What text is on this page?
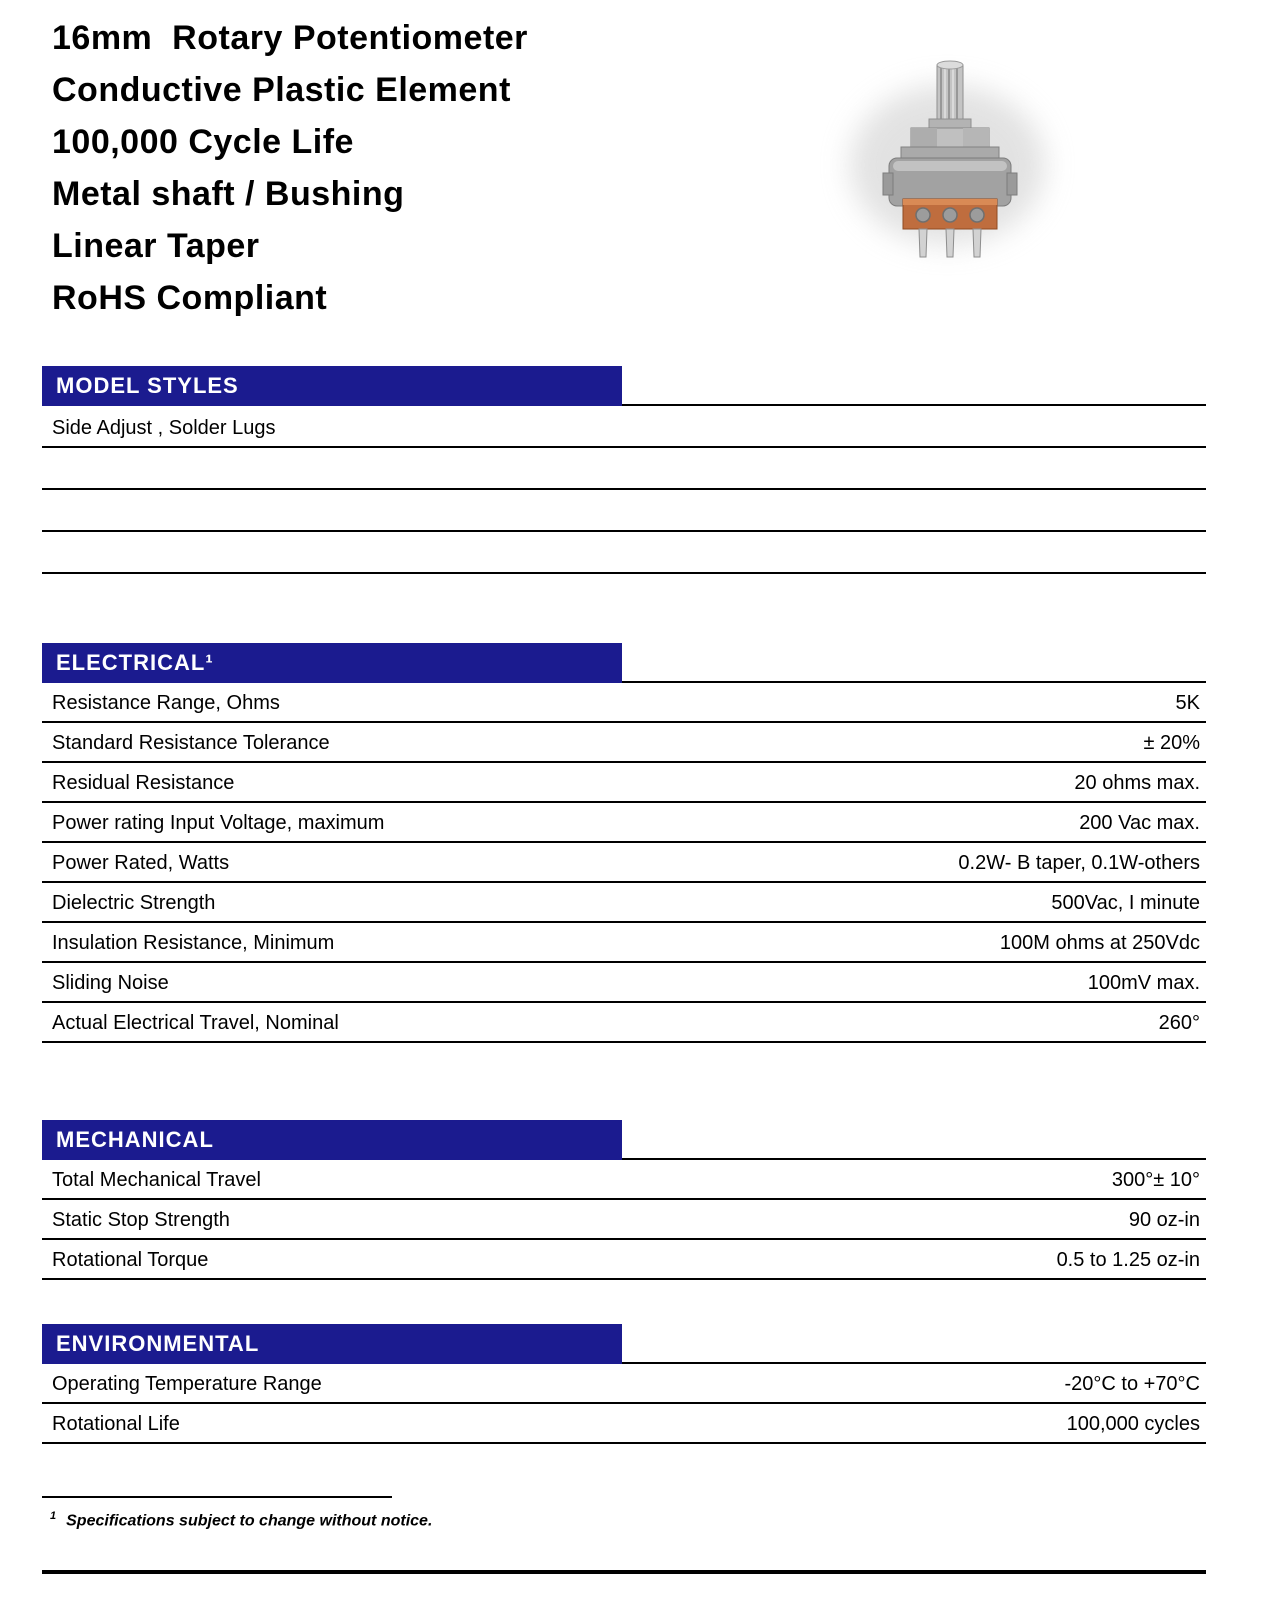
16mm  Rotary Potentiometer
Conductive Plastic Element
100,000 Cycle Life
Metal shaft / Bushing
Linear Taper
RoHS Compliant
MODEL STYLES
Side Adjust , Solder Lugs
ELECTRICAL¹
Resistance Range, Ohms	5K
Standard Resistance Tolerance	± 20%
Residual Resistance	20 ohms max.
Power rating Input Voltage, maximum	200 Vac max.
Power Rated, Watts	0.2W- B taper, 0.1W-others
Dielectric Strength	500Vac, I minute
Insulation Resistance, Minimum	100M ohms at 250Vdc
Sliding Noise	100mV max.
Actual Electrical Travel, Nominal	260°
MECHANICAL
Total Mechanical Travel	300°± 10°
Static Stop Strength	90 oz-in
Rotational Torque	0.5 to 1.25 oz-in
ENVIRONMENTAL
Operating Temperature Range	-20°C to +70°C
Rotational Life	100,000 cycles
$^1$ Specifications subject to change without notice.
